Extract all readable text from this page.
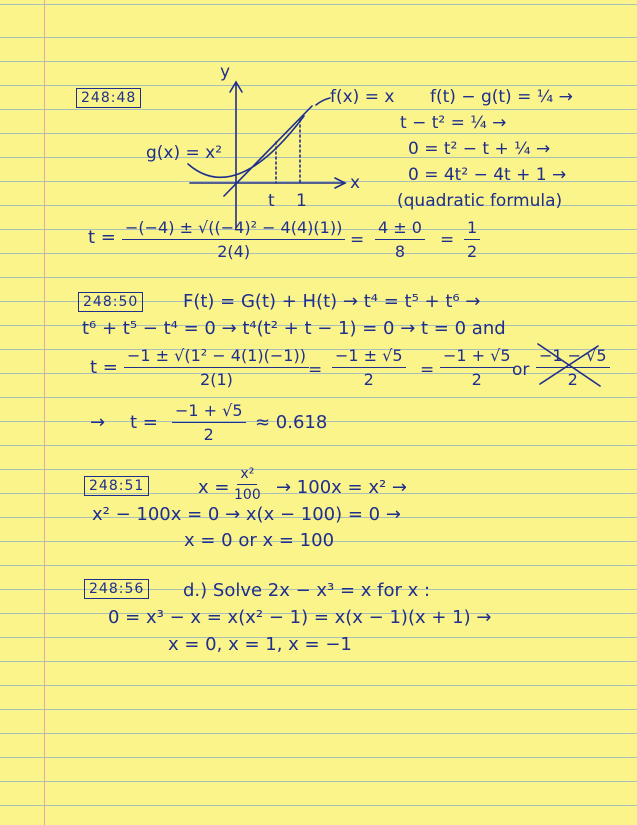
248:48
y
x
f(x) = x
g(x) = x²
t 1
f(t) − g(t) = ¼ →
t − t² = ¼ →
0 = t² − t + ¼ →
0 = 4t² − 4t + 1 →
(quadratic formula)
$t = \frac{\text{−(−4) ± √((−4)² − 4(4)(1))}}{2(4)} = \frac{4 \pm 0}{8} = \frac{1}{2}$
248:50 F(t) = G(t) + H(t) → t⁴ = t⁵ + t⁶ →
t⁶ + t⁵ − t⁴ = 0 → t⁴(t² + t − 1) = 0 → t = 0 and
$t = \frac{\text{−1 ± √(1² − 4(1)(−1))}}{2(1)} = \frac{-1 \pm √5}{2} = \frac{-1 + √5}{2}$
or $\frac{-1 - √5}{2}$
→ $t = \frac{-1 + √5}{2} \approx 0.618$
248:51	$x = \frac{\text{x²}}{100} \to 100x = x^2$ →
x² − 100x = 0 → x(x − 100) = 0 →
x = 0 or x = 100
248:56 d.) Solve 2x − x³ = x for x :
0 = x³ − x = x(x² − 1) = x(x − 1)(x + 1) →
x = 0, x = 1, x = −1
